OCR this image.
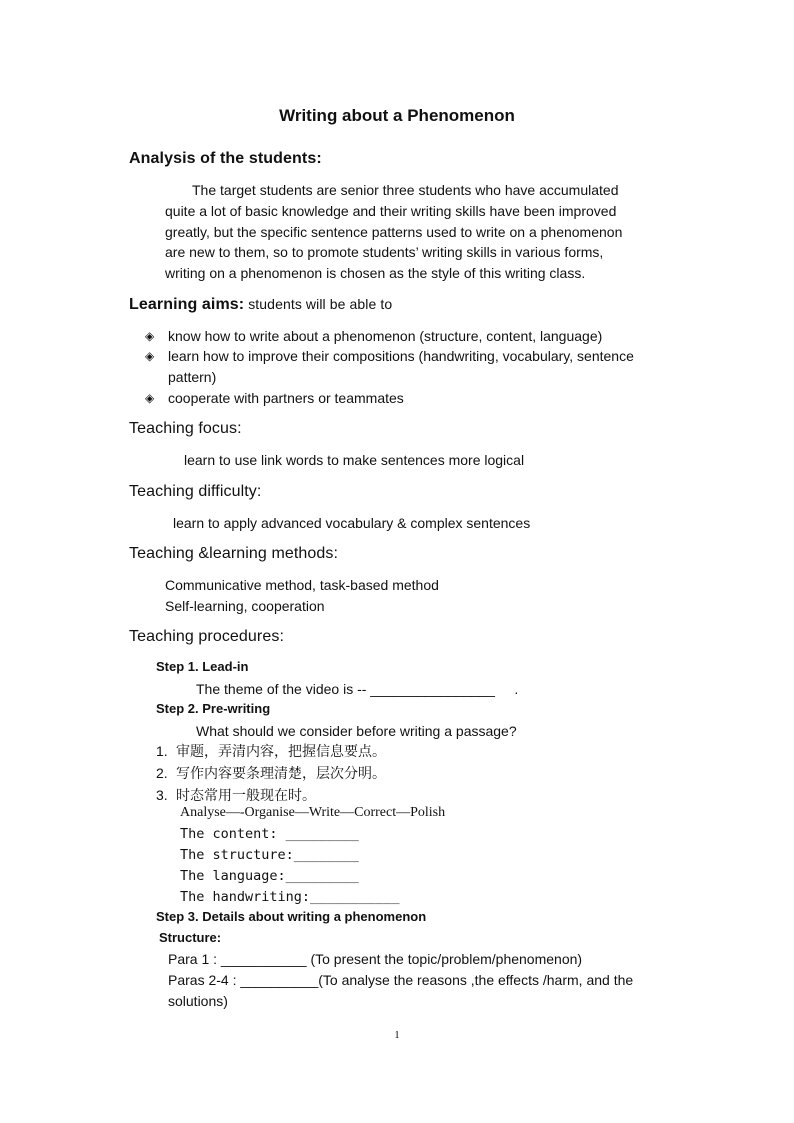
Writing about a Phenomenon
Analysis of the students:
The target students are senior three students who have accumulated
quite a lot of basic knowledge and their writing skills have been improved
greatly, but the specific sentence patterns used to write on a phenomenon
are new to them, so to promote students’ writing skills in various forms,
writing on a phenomenon is chosen as the style of this writing class.
Learning aims: students will be able to
◈ know how to write about a phenomenon (structure, content, language)
◈ learn how to improve their compositions (handwriting, vocabulary, sentence pattern)
◈ cooperate with partners or teammates
Teaching focus:
learn to use link words to make sentences more logical
Teaching difficulty:
learn to apply advanced vocabulary & complex sentences
Teaching &learning methods:
Communicative method, task-based method
Self-learning, cooperation
Teaching procedures:
Step 1. Lead-in
The theme of the video is -- ________________     .
Step 2. Pre-writing
What should we consider before writing a passage?
1. 审题，弄清内容，把握信息要点。
2. 写作内容要条理清楚，层次分明。
3. 时态常用一般现在时。
Analyse—-Organise—Write—Correct—Polish
The content: _________
The structure:________
The language:_________
The handwriting:___________
Step 3. Details about writing a phenomenon
Structure:
Para 1 : ___________ (To present the topic/problem/phenomenon)
Paras 2-4 : __________(To analyse the reasons ,the effects /harm, and the
solutions)
1
